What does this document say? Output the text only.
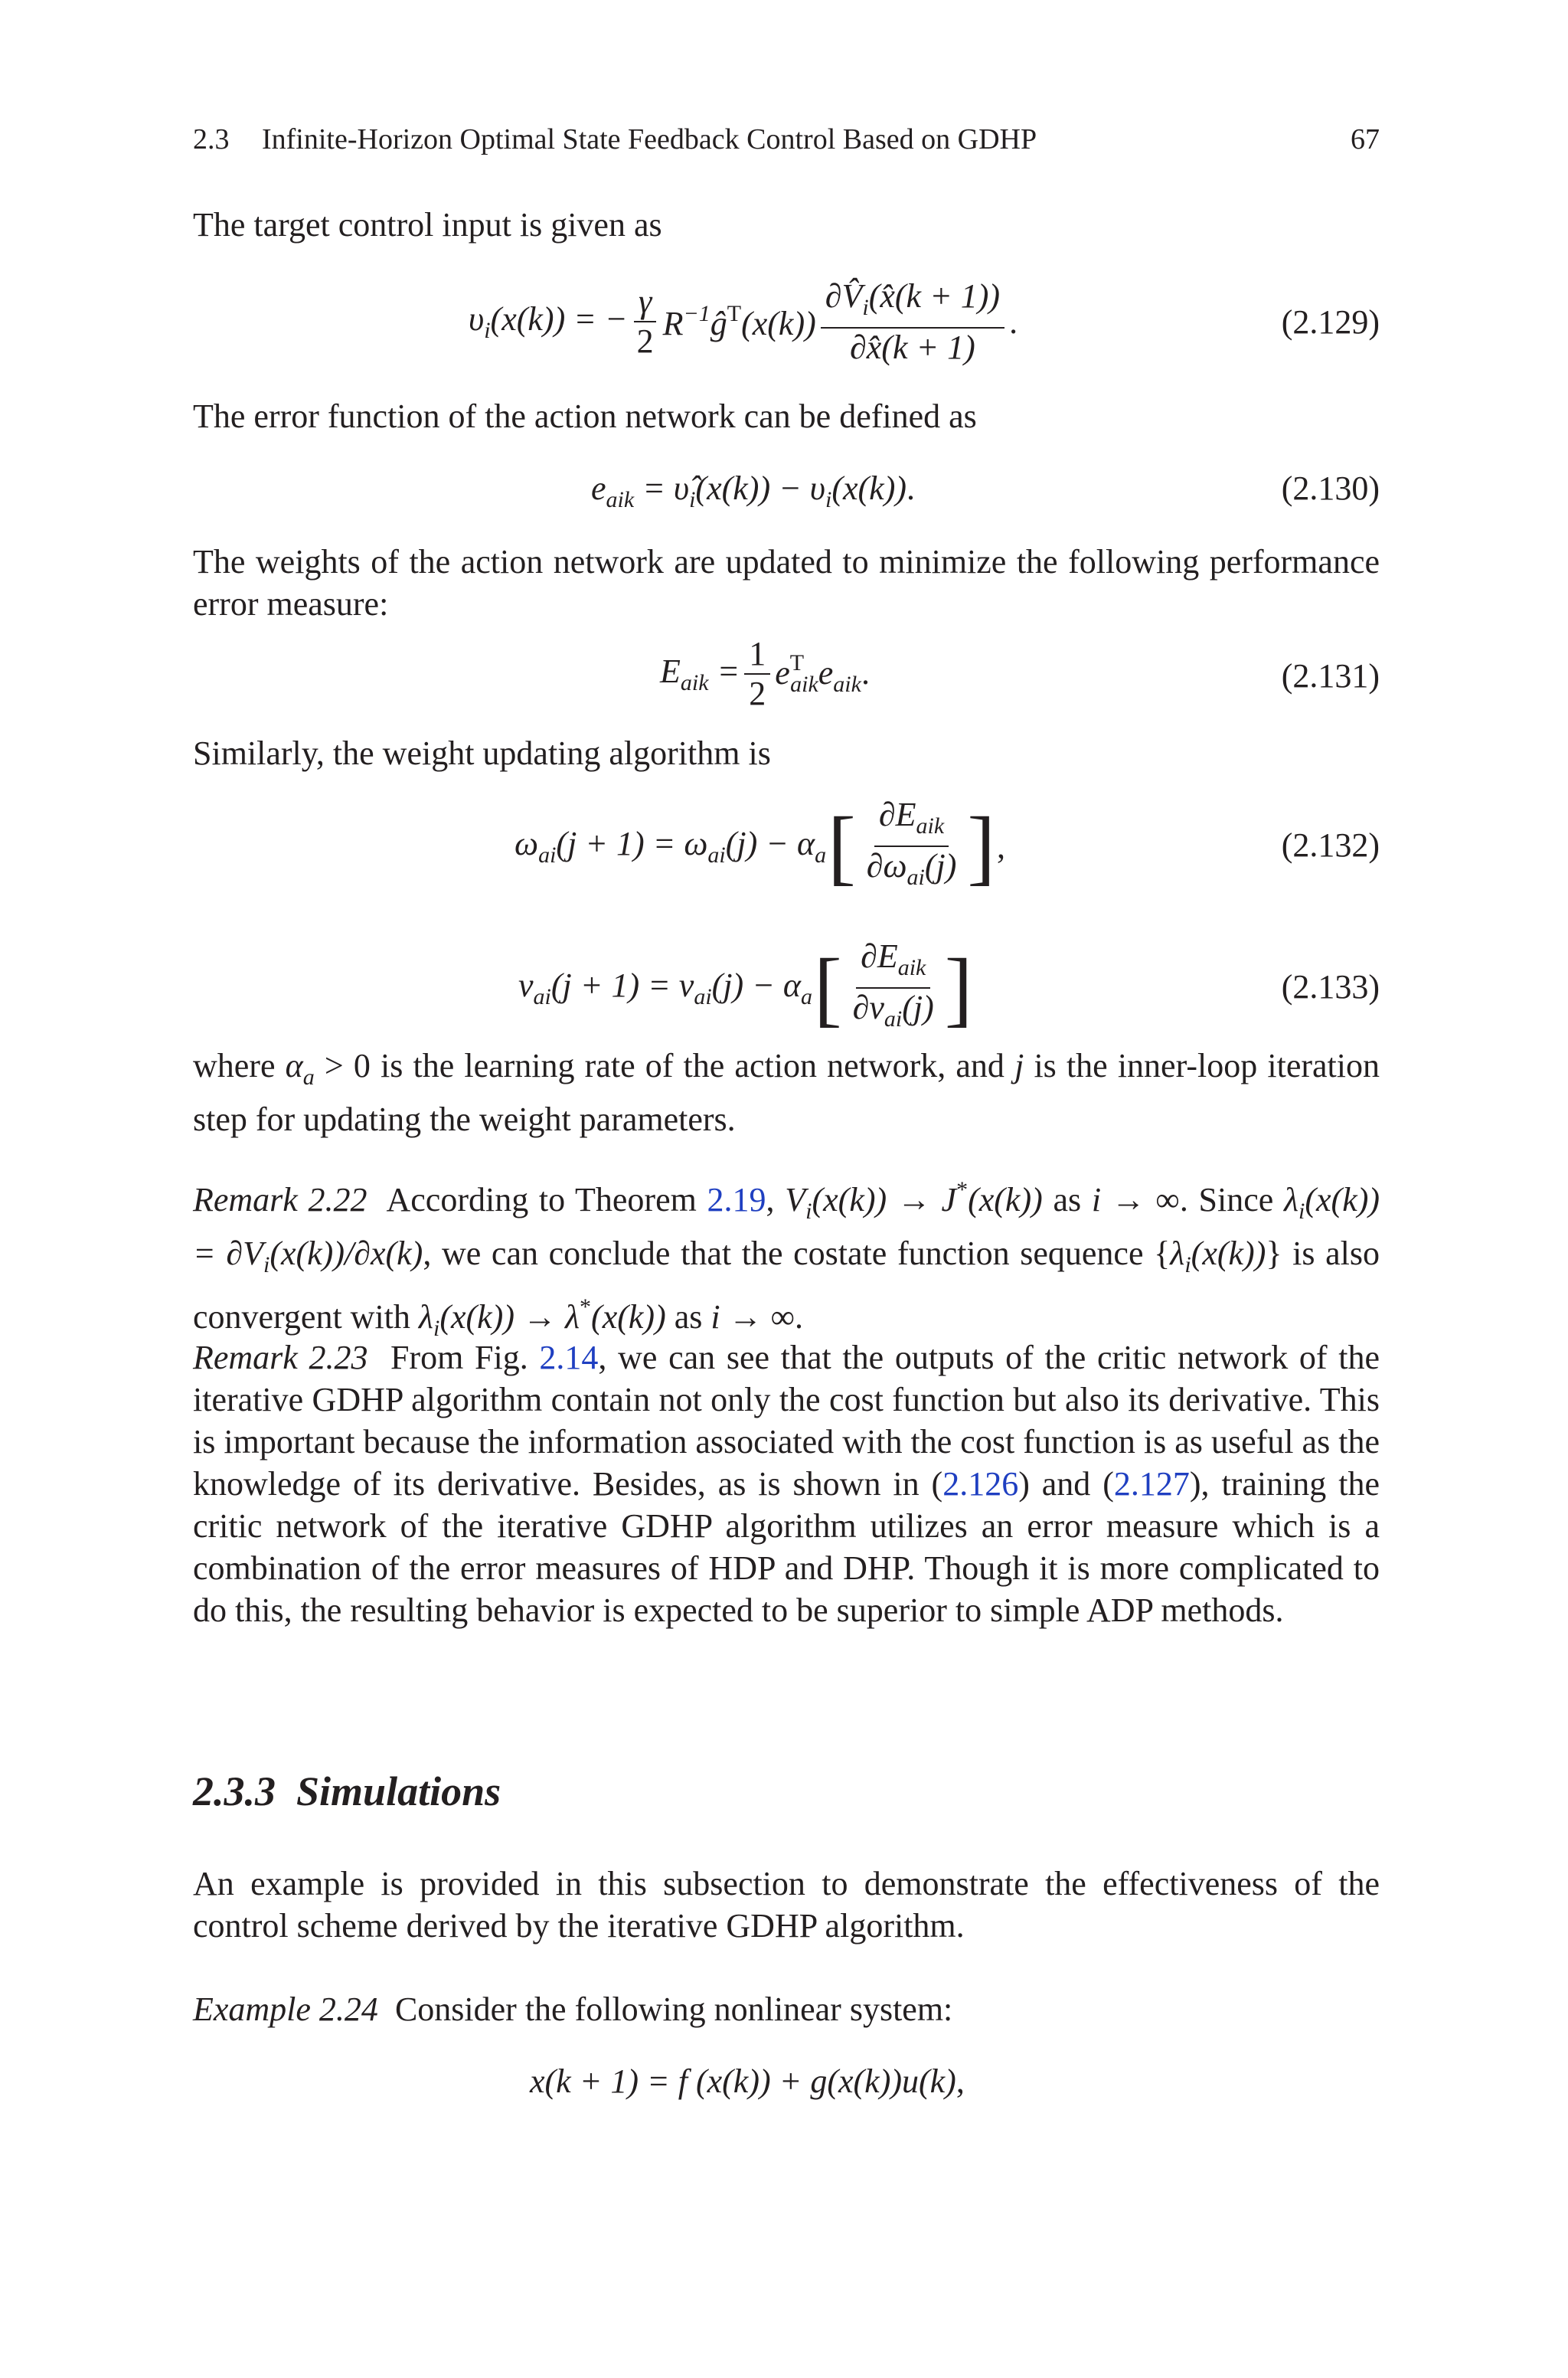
2.3 Infinite-Horizon Optimal State Feedback Control Based on GDHP	67

The target control input is given as

$\upsilon_i(x(k))$ = − $\frac{\gamma}{2}$ $R^{-1}ĝ^T(x(k)) \frac{\partial V̂_i(x̂(k + 1))}{\partial x̂(k + 1)}$ .	(2.129)

The error function of the action network can be defined as

$e_{aik}$ = $\upsilon̂_i(x(k)) - \upsilon_i(x(k))$.	(2.130)

The weights of the action network are updated to minimize the following performance error measure:

$E_{aik} = \frac{1}{2} e^T_{aik}e_{aik}$.	(2.131)

Similarly, the weight updating algorithm is

$\omega_{ai}(j + 1) = \omega_{ai}(j) - \alpha_a$ [ $\frac{\partial E_{aik}}{\partial\omega_{ai}(j)}$ ] ,	(2.132)
$\nu_{ai}(j + 1) = \nu_{ai}(j) - \alpha_a$ [ $\frac{\partial E_{aik}}{\partial\nu_{ai}(j)}$ ]	(2.133)

where $\alpha_a > 0$ is the learning rate of the action network, and j is the inner-loop iteration step for updating the weight parameters.

Remark 2.22 According to Theorem 2.19, $V_i(x(k)) \to J^*(x(k))$ as i → ∞. Since $\lambda_i(x(k)) = \partial V_i(x(k))/\partial x(k)$, we can conclude that the costate function sequence $\{\lambda_i(x(k))\}$ is also convergent with $\lambda_i(x(k)) \to \lambda^*(x(k))$ as i → ∞.

Remark 2.23 From Fig. 2.14, we can see that the outputs of the critic network of the iterative GDHP algorithm contain not only the cost function but also its derivative. This is important because the information associated with the cost function is as useful as the knowledge of its derivative. Besides, as is shown in (2.126) and (2.127), training the critic network of the iterative GDHP algorithm utilizes an error measure which is a combination of the error measures of HDP and DHP. Though it is more complicated to do this, the resulting behavior is expected to be superior to simple ADP methods.

2.3.3 Simulations

An example is provided in this subsection to demonstrate the effectiveness of the control scheme derived by the iterative GDHP algorithm.

Example 2.24 Consider the following nonlinear system:

x(k + 1) = f (x(k)) + g(x(k))u(k),
